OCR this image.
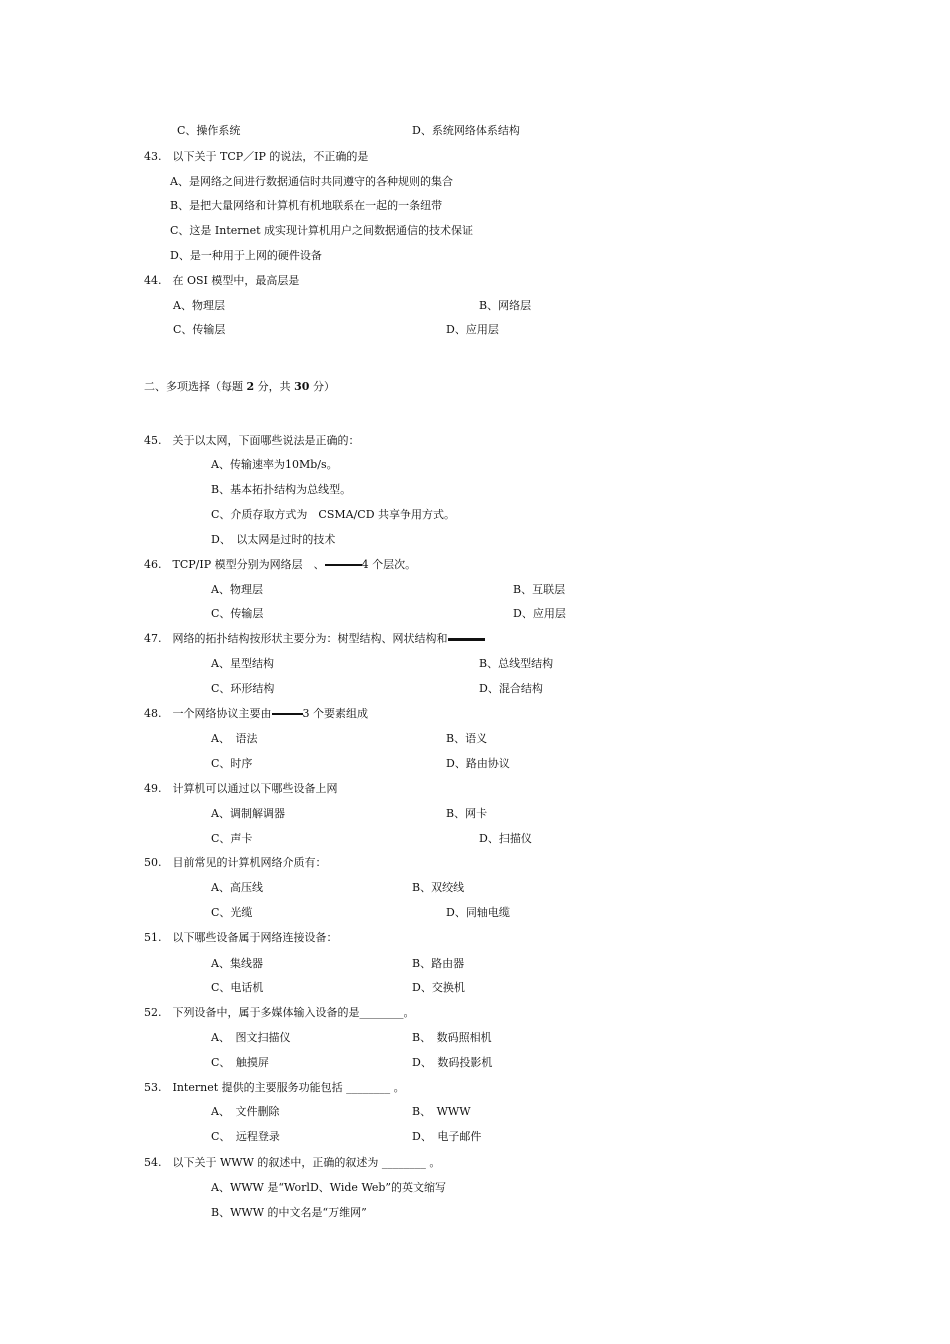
C、操作系统	D、系统网络体系结构
43.　以下关于 TCP／IP 的说法，不正确的是
A、是网络之间进行数据通信时共同遵守的各种规则的集合
B、是把大量网络和计算机有机地联系在一起的一条纽带
C、这是 Internet 成实现计算机用户之间数据通信的技术保证
D、是一种用于上网的硬件设备
44.　在 OSI 模型中，最高层是
A、物理层	B、网络层
C、传输层	D、应用层
二、多项选择（每题 2 分，共 30 分）
45.　关于以太网，下面哪些说法是正确的：
A、传输速率为10Mb/s。
B、基本拓扑结构为总线型。
C、介质存取方式为　CSMA/CD 共享争用方式。
D、　以太网是过时的技术
46.　TCP/IP 模型分别为网络层　、	4 个层次。
A、物理层	B、互联层
C、传输层	D、应用层
47.　网络的拓扑结构按形状主要分为：树型结构、网状结构和
A、星型结构	B、总线型结构
C、环形结构	D、混合结构
48.　一个网络协议主要由	3 个要素组成
A、　语法	B、语义
C、时序	D、路由协议
49.　计算机可以通过以下哪些设备上网
A、调制解调器	B、网卡
C、声卡	D、扫描仪
50.　目前常见的计算机网络介质有：
A、高压线	B、双绞线
C、光缆	D、同轴电缆
51.　以下哪些设备属于网络连接设备：
A、集线器	B、路由器
C、电话机	D、交换机
52.　下列设备中，属于多媒体输入设备的是________。
A、　图文扫描仪	B、　数码照相机
C、　触摸屏	D、　数码投影机
53.　Internet 提供的主要服务功能包括 ________ 。
A、　文件删除	B、　WWW
C、　远程登录	D、　电子邮件
54.　以下关于 WWW 的叙述中，正确的叙述为 ________ 。
A、WWW 是“WorlD、Wide Web”的英文缩写
B、WWW 的中文名是“万维网”
